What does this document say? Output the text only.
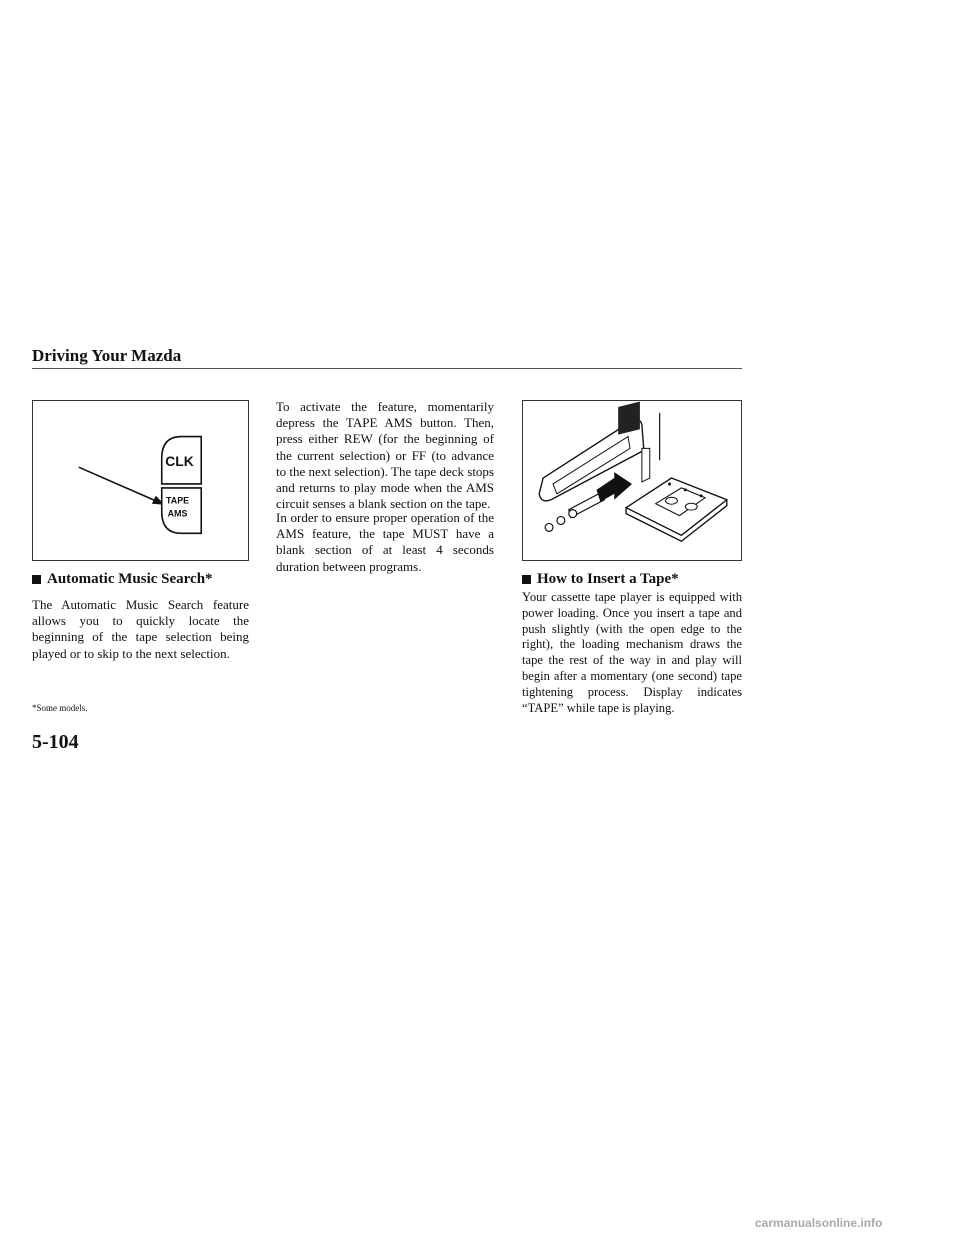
Driving Your Mazda
CLK
TAPE
AMS
Automatic Music Search*

The Automatic Music Search feature allows you to quickly locate the beginning of the tape selection being played or to skip to the next selection.

To activate the feature, momentarily depress the TAPE AMS button. Then, press either REW (for the beginning of the current selection) or FF (to advance to the next selection). The tape deck stops and returns to play mode when the AMS circuit senses a blank section on the tape.

In order to ensure proper operation of the AMS feature, the tape MUST have a blank section of at least 4 seconds duration between programs.

How to Insert a Tape*

Your cassette tape player is equipped with power loading. Once you insert a tape and push slightly (with the open edge to the right), the loading mechanism draws the tape the rest of the way in and play will begin after a momentary (one second) tape tightening process. Display indicates “TAPE” while tape is playing.

*Some models.
5-104
carmanualsonline.info
